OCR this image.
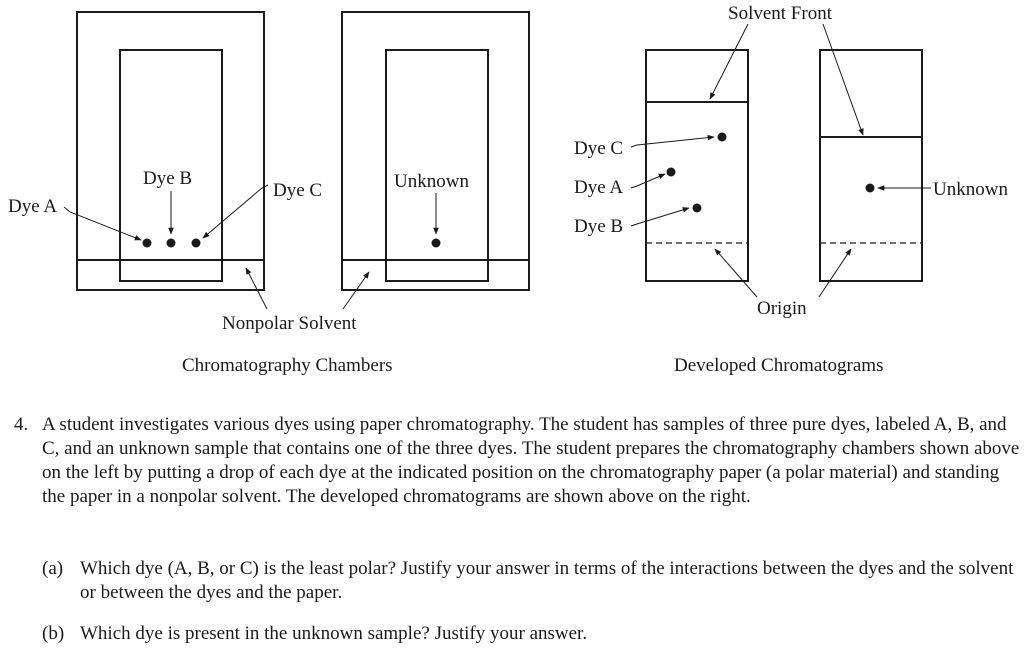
Dye A
Dye B
Dye C	Unknown
Nonpolar Solvent
Chromatography Chambers
Solvent Front
Dye C
Dye A
Dye B
Unknown
Origin
Developed Chromatograms
4. A student investigates various dyes using paper chromatography. The student has samples of three pure dyes, labeled A, B, and C, and an unknown sample that contains one of the three dyes. The student prepares the chromatography chambers shown above on the left by putting a drop of each dye at the indicated position on the chromatography paper (a polar material) and standing the paper in a nonpolar solvent. The developed chromatograms are shown above on the right.
(a) Which dye (A, B, or C) is the least polar? Justify your answer in terms of the interactions between the dyes and the solvent or between the dyes and the paper.
(b) Which dye is present in the unknown sample? Justify your answer.
